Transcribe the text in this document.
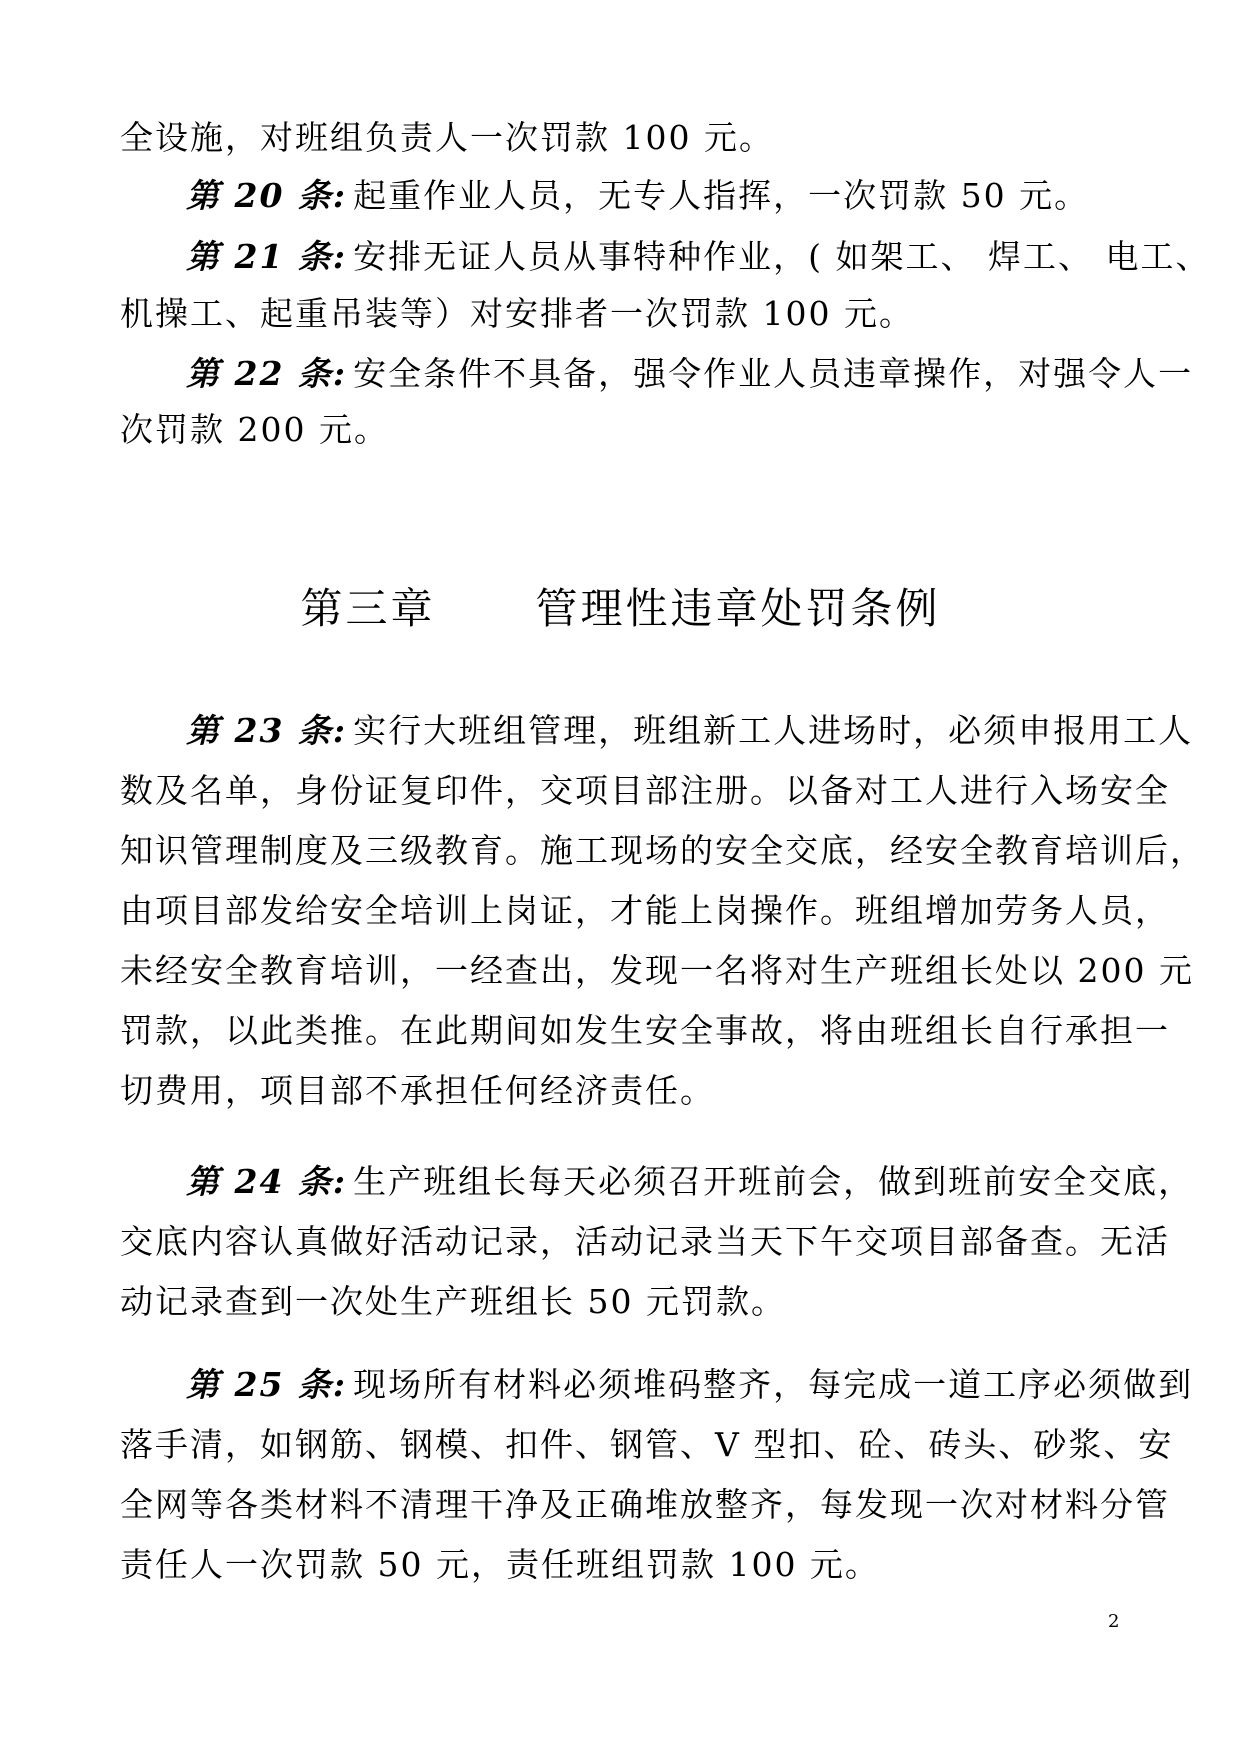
全设施，对班组负责人一次罚款 100 元。
第 20 条: 起重作业人员，无专人指挥，一次罚款 50 元。
第 21 条: 安排无证人员从事特种作业，( 如架工、 焊工、 电工、
机操工、起重吊装等）对安排者一次罚款 100 元。
第 22 条: 安全条件不具备，强令作业人员违章操作，对强令人一
次罚款 200 元。
第三章 管理性违章处罚条例
第 23 条: 实行大班组管理，班组新工人进场时，必须申报用工人
数及名单，身份证复印件，交项目部注册。以备对工人进行入场安全
知识管理制度及三级教育。施工现场的安全交底，经安全教育培训后，
由项目部发给安全培训上岗证，才能上岗操作。班组增加劳务人员，
未经安全教育培训，一经查出，发现一名将对生产班组长处以 200 元
罚款，以此类推。在此期间如发生安全事故，将由班组长自行承担一
切费用，项目部不承担任何经济责任。
第 24 条: 生产班组长每天必须召开班前会，做到班前安全交底，
交底内容认真做好活动记录，活动记录当天下午交项目部备查。无活
动记录查到一次处生产班组长 50 元罚款。
第 25 条: 现场所有材料必须堆码整齐，每完成一道工序必须做到
落手清，如钢筋、钢模、扣件、钢管、V 型扣、砼、砖头、砂浆、安
全网等各类材料不清理干净及正确堆放整齐，每发现一次对材料分管
责任人一次罚款 50 元，责任班组罚款 100 元。
2
